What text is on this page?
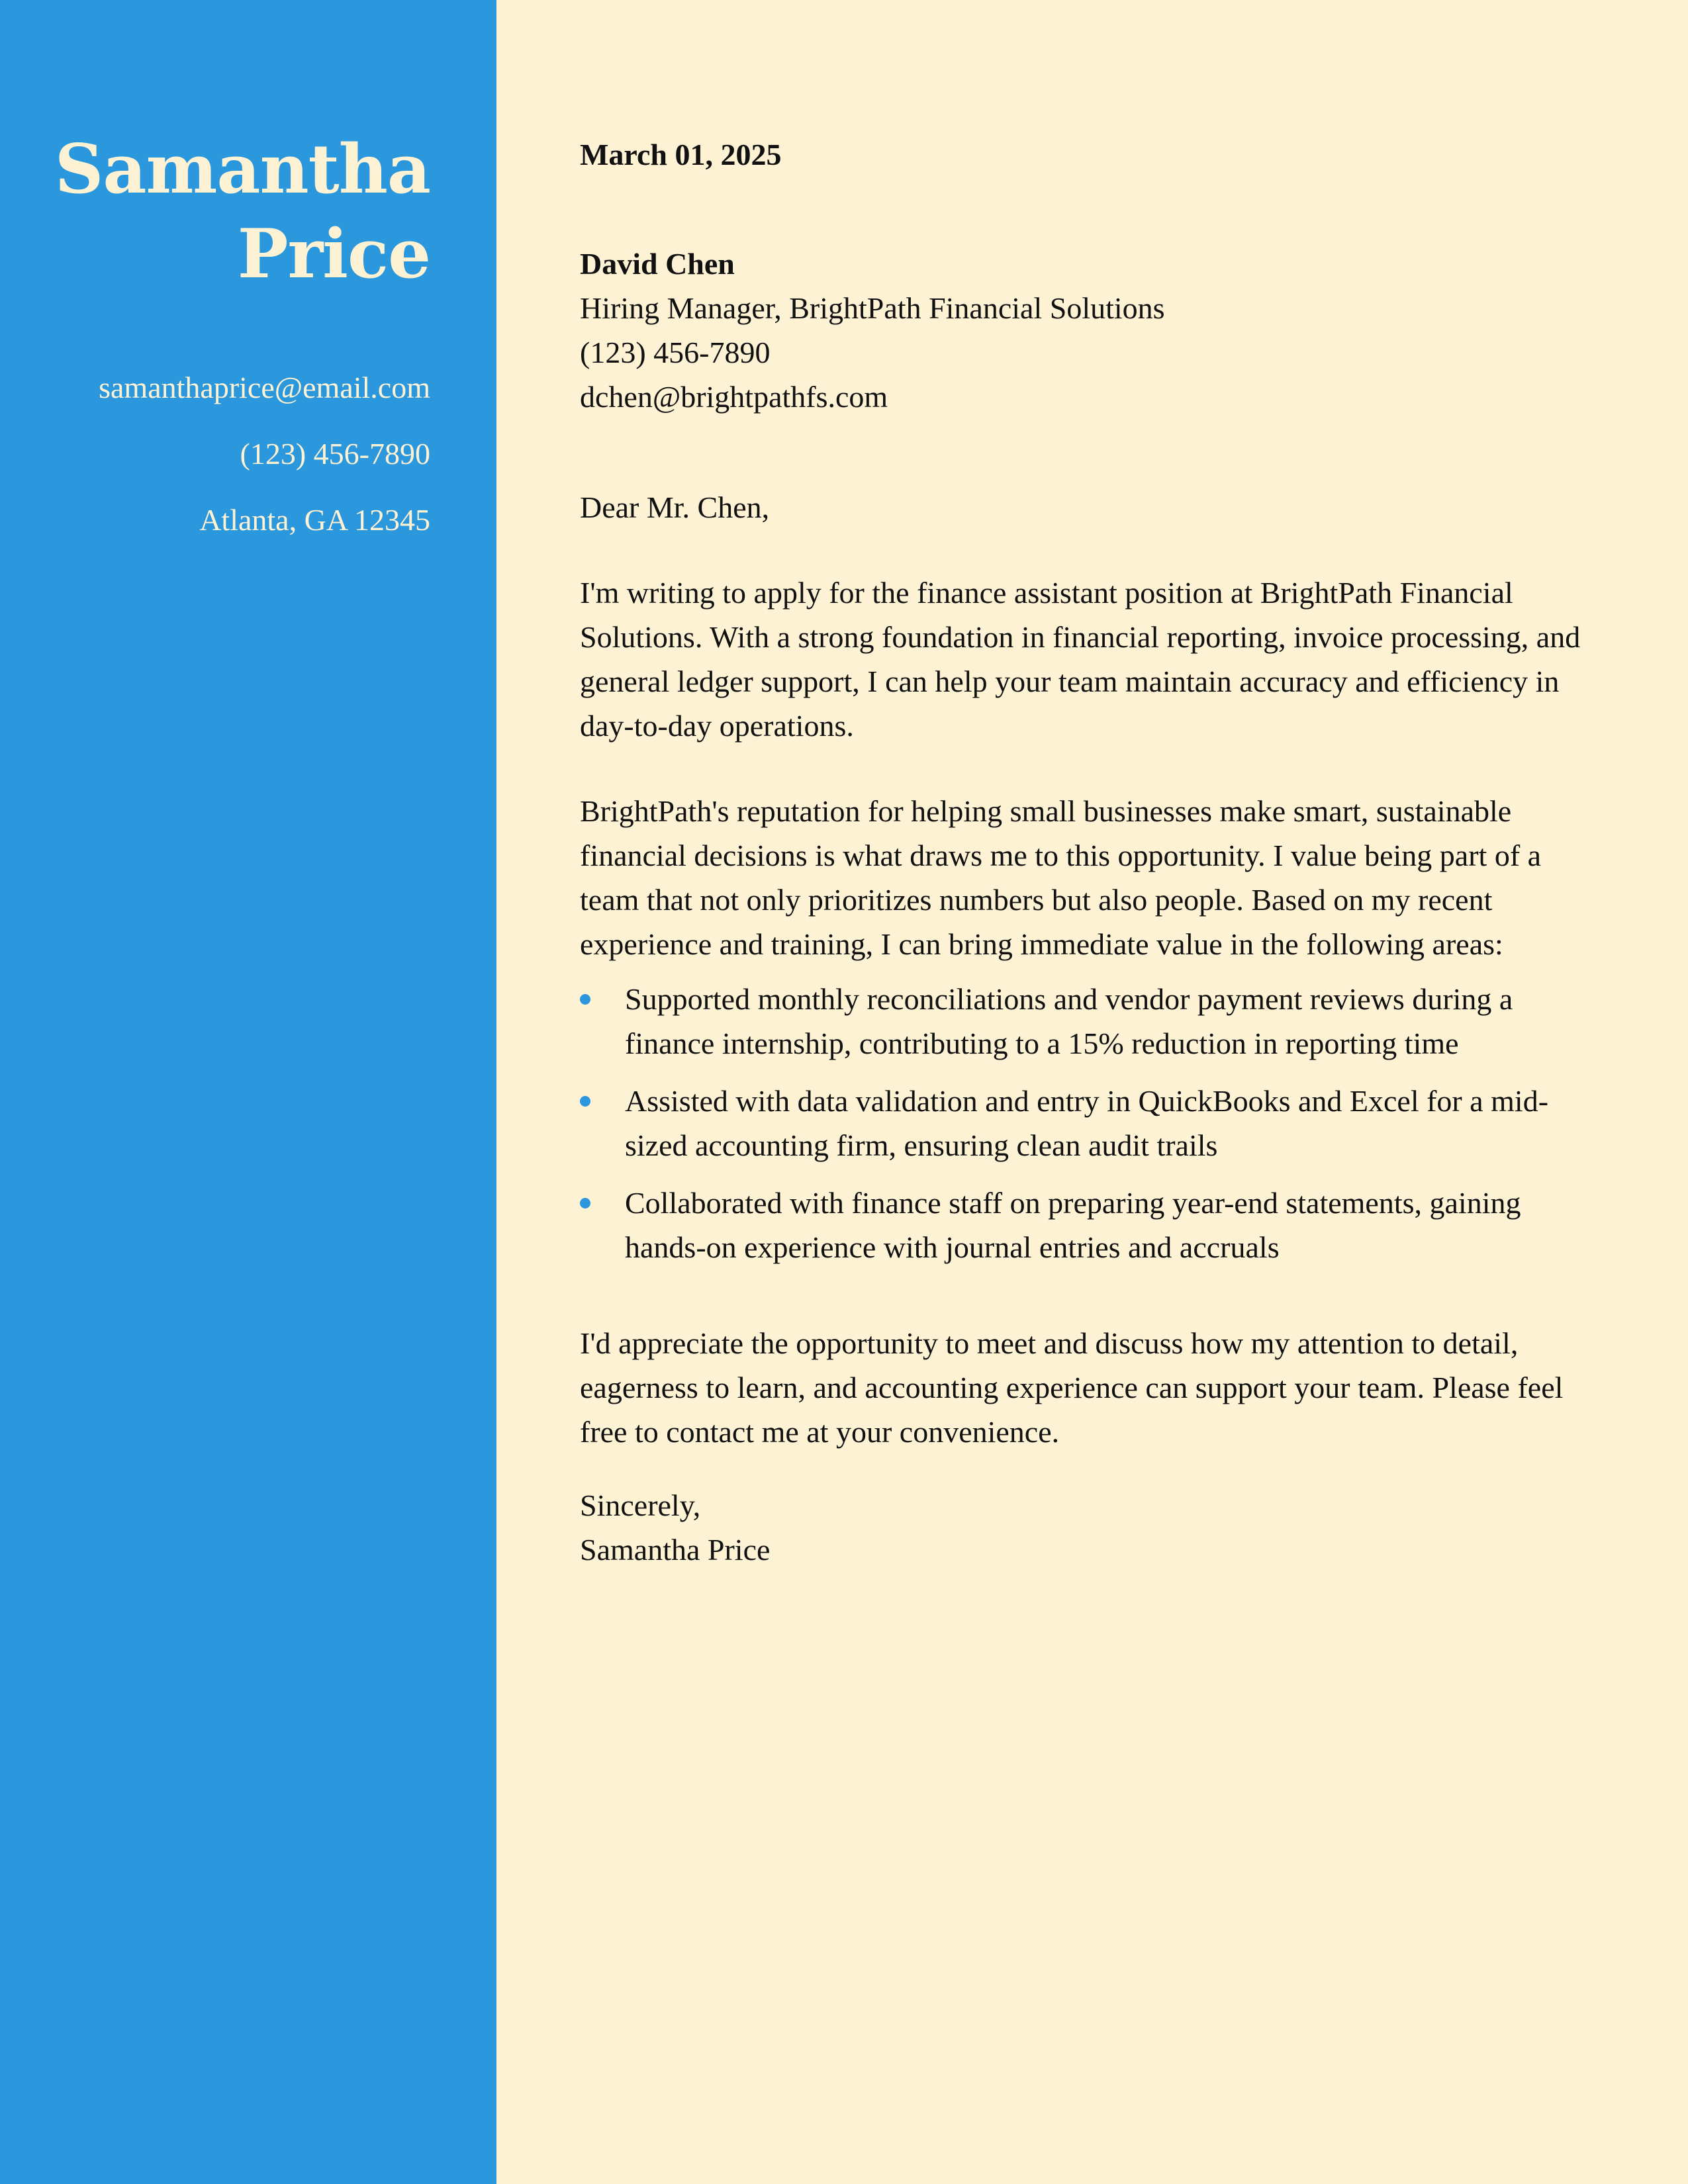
Samantha
Price
samanthaprice@email.com
(123) 456-7890
Atlanta, GA 12345
March 01, 2025
David Chen
Hiring Manager, BrightPath Financial Solutions
(123) 456-7890
dchen@brightpathfs.com
Dear Mr. Chen,

I'm writing to apply for the finance assistant position at BrightPath Financial Solutions. With a strong foundation in financial reporting, invoice processing, and general ledger support, I can help your team maintain accuracy and efficiency in day-to-day operations.

BrightPath's reputation for helping small businesses make smart, sustainable financial decisions is what draws me to this opportunity. I value being part of a team that not only prioritizes numbers but also people. Based on my recent experience and training, I can bring immediate value in the following areas:

Supported monthly reconciliations and vendor payment reviews during a finance internship, contributing to a 15% reduction in reporting time
Assisted with data validation and entry in QuickBooks and Excel for a mid-sized accounting firm, ensuring clean audit trails
Collaborated with finance staff on preparing year-end statements, gaining hands-on experience with journal entries and accruals

I'd appreciate the opportunity to meet and discuss how my attention to detail, eagerness to learn, and accounting experience can support your team. Please feel free to contact me at your convenience.

Sincerely,
Samantha Price
